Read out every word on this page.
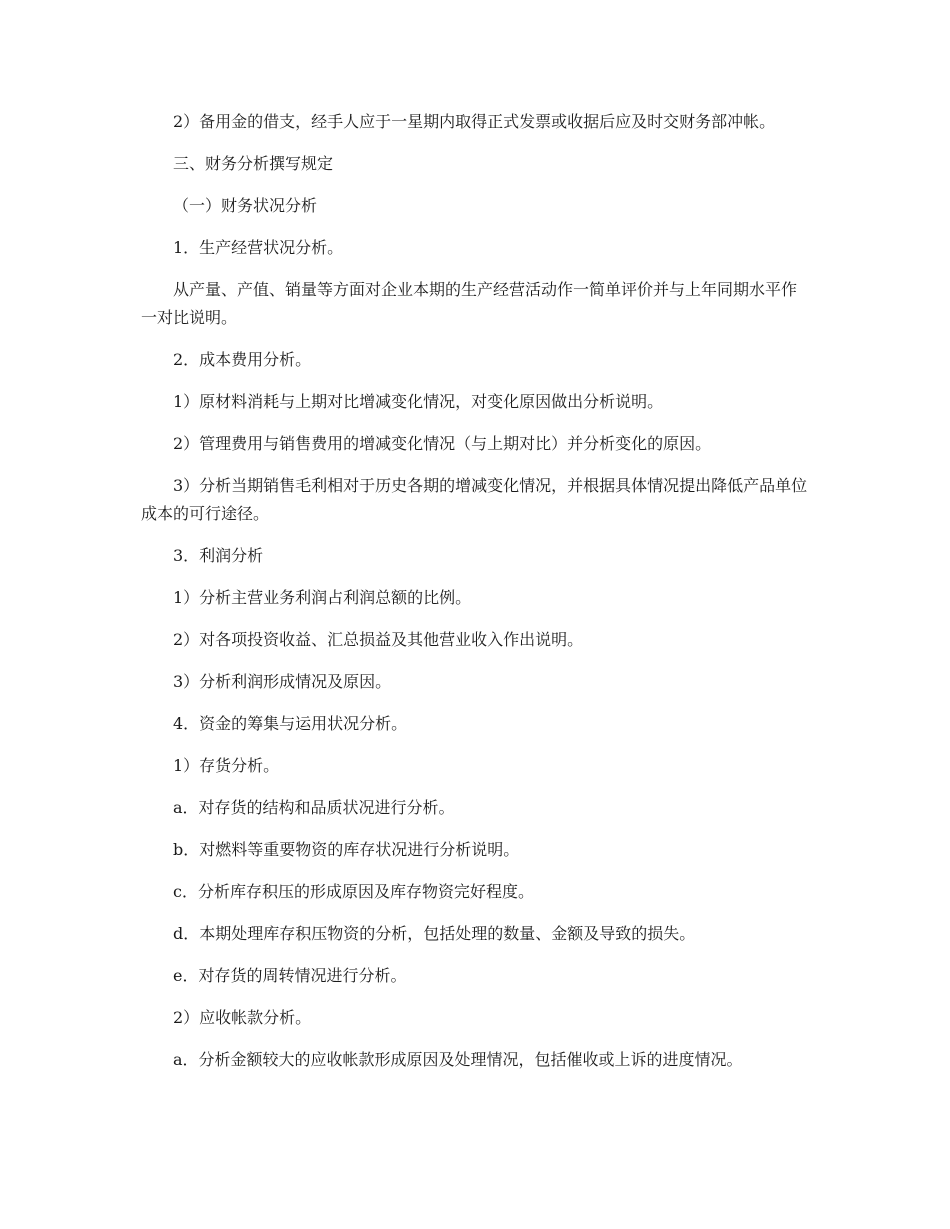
2）备用金的借支，经手人应于一星期内取得正式发票或收据后应及时交财务部冲帐。

三、财务分析撰写规定

（一）财务状况分析

1．生产经营状况分析。

从产量、产值、销量等方面对企业本期的生产经营活动作一简单评价并与上年同期水平作一对比说明。

2．成本费用分析。

1）原材料消耗与上期对比增减变化情况，对变化原因做出分析说明。

2）管理费用与销售费用的增减变化情况（与上期对比）并分析变化的原因。

3）分析当期销售毛利相对于历史各期的增减变化情况，并根据具体情况提出降低产品单位成本的可行途径。

3．利润分析

1）分析主营业务利润占利润总额的比例。

2）对各项投资收益、汇总损益及其他营业收入作出说明。

3）分析利润形成情况及原因。

4．资金的筹集与运用状况分析。

1）存货分析。

a．对存货的结构和品质状况进行分析。

b．对燃料等重要物资的库存状况进行分析说明。

c．分析库存积压的形成原因及库存物资完好程度。

d．本期处理库存积压物资的分析，包括处理的数量、金额及导致的损失。

e．对存货的周转情况进行分析。

2）应收帐款分析。

a．分析金额较大的应收帐款形成原因及处理情况，包括催收或上诉的进度情况。
